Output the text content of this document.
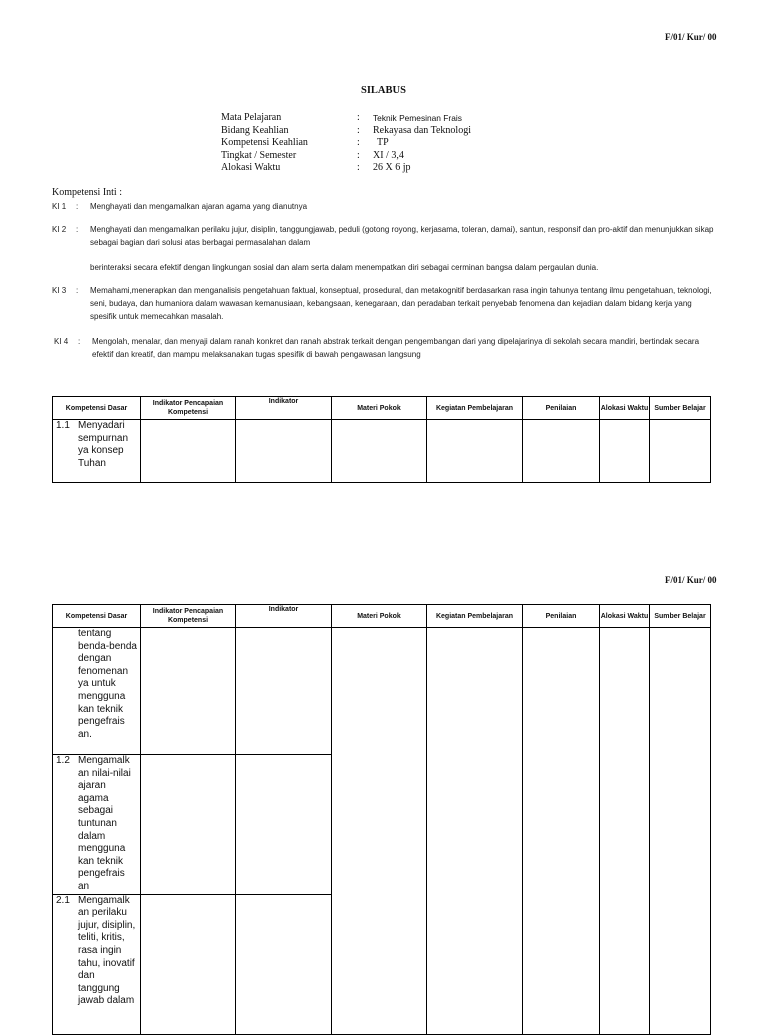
F/01/ Kur/ 00
SILABUS
Mata Pelajaran	:	Teknik Pemesinan Frais
Bidang Keahlian	:	Rekayasa dan Teknologi
Kompetensi Keahlian	:	TP
Tingkat / Semester	:	XI / 3,4
Alokasi Waktu	:	26 X 6 jp
Kompetensi Inti :
KI 1	: Menghayati dan mengamalkan ajaran agama yang dianutnya
KI 2	: Menghayati dan mengamalkan perilaku jujur, disiplin, tanggungjawab, peduli (gotong royong, kerjasama, toleran, damai), santun, responsif dan pro-aktif dan menunjukkan sikap sebagai bagian dari solusi atas berbagai permasalahan dalam
berinteraksi secara efektif dengan lingkungan sosial dan alam serta dalam menempatkan diri sebagai cerminan bangsa dalam pergaulan dunia.
KI 3	: Memahami,menerapkan dan menganalisis pengetahuan faktual, konseptual, prosedural, dan metakognitif berdasarkan rasa ingin tahunya tentang ilmu pengetahuan, teknologi, seni, budaya, dan humaniora dalam wawasan kemanusiaan, kebangsaan, kenegaraan, dan peradaban terkait penyebab fenomena dan kejadian dalam bidang kerja yang spesifik untuk memecahkan masalah.
KI 4	: Mengolah, menalar, dan menyaji dalam ranah konkret dan ranah abstrak terkait dengan pengembangan dari yang dipelajarinya di sekolah secara mandiri, bertindak secara efektif dan kreatif, dan mampu melaksanakan tugas spesifik di bawah pengawasan langsung
Kompetensi Dasar	Indikator Pencapaian Kompetensi	Indikator	Materi Pokok	Kegiatan Pembelajaran	Penilaian	Alokasi Waktu	Sumber Belajar

1.1 Menyadari sempurnan ya konsep Tuhan							

F/01/ Kur/ 00
Kompetensi Dasar	Indikator Pencapaian Kompetensi	Indikator	Materi Pokok	Kegiatan Pembelajaran	Penilaian	Alokasi Waktu	Sumber Belajar

tentang benda-benda dengan fenomenan ya untuk mengguna kan teknik pengefrais an.							

1.2 Mengamalk an nilai-nilai ajaran agama sebagai tuntunan dalam mengguna kan teknik pengefrais an							

2.1 Mengamalk an perilaku jujur, disiplin, teliti, kritis, rasa ingin tahu, inovatif dan tanggung jawab dalam							
